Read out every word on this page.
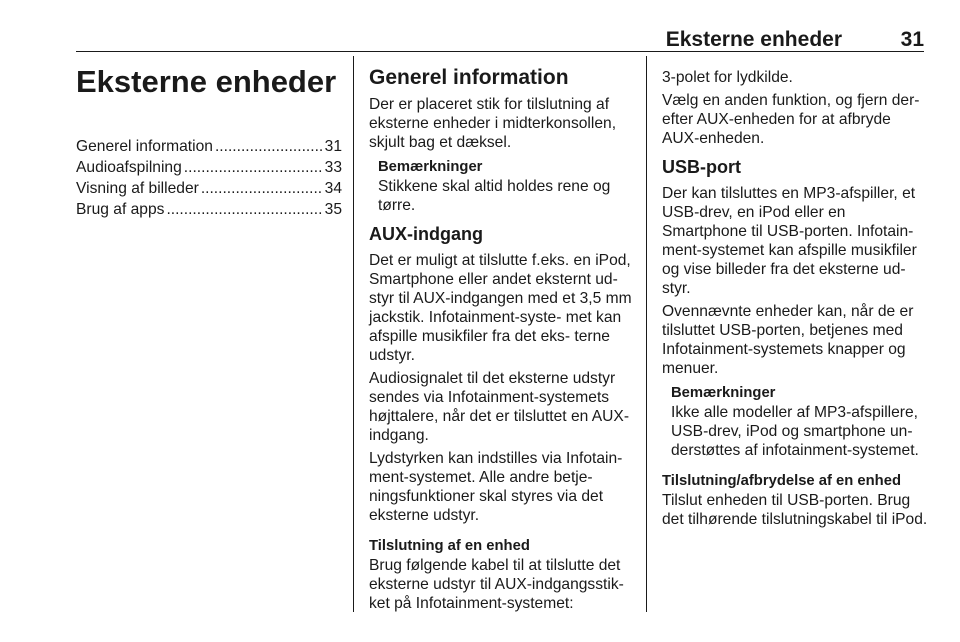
Eksterne enheder	31
Eksterne enheder
Generel information .....	31
Audioafspilning .....	33
Visning af billeder .....	34
Brug af apps .....	35
Generel information

Der er placeret stik for tilslutning af eksterne enheder i midterkonsollen, skjult bag et dæksel.

Bemærkninger
Stikkene skal altid holdes rene og tørre.
AUX-indgang

Det er muligt at tilslutte f.eks. en iPod, Smartphone eller andet eksternt ud‐ styr til AUX-indgangen med et 3,5 mm jackstik. Infotainment-syste‐ met kan afspille musikfiler fra det eks‐ terne udstyr.

Audiosignalet til det eksterne udstyr sendes via Infotainment-systemets højttalere, når det er tilsluttet en AUX-indgang.

Lydstyrken kan indstilles via Infotain‐ ment-systemet. Alle andre betje‐ ningsfunktioner skal styres via det eksterne udstyr.

Tilslutning af en enhed

Brug følgende kabel til at tilslutte det eksterne udstyr til AUX-indgangsstik‐ ket på Infotainment-systemet:

3-polet for lydkilde.

Vælg en anden funktion, og fjern der‐ efter AUX-enheden for at afbryde AUX-enheden.

USB-port

Der kan tilsluttes en MP3-afspiller, et USB-drev, en iPod eller en Smartphone til USB-porten. Infotain‐ ment-systemet kan afspille musikfiler og vise billeder fra det eksterne ud‐ styr.

Ovennævnte enheder kan, når de er tilsluttet USB-porten, betjenes med Infotainment-systemets knapper og menuer.

Bemærkninger
Ikke alle modeller af MP3-afspillere, USB-drev, iPod og smartphone un‐ derstøttes af infotainment-systemet.
Tilslutning/afbrydelse af en enhed

Tilslut enheden til USB-porten. Brug det tilhørende tilslutningskabel til iPod.
